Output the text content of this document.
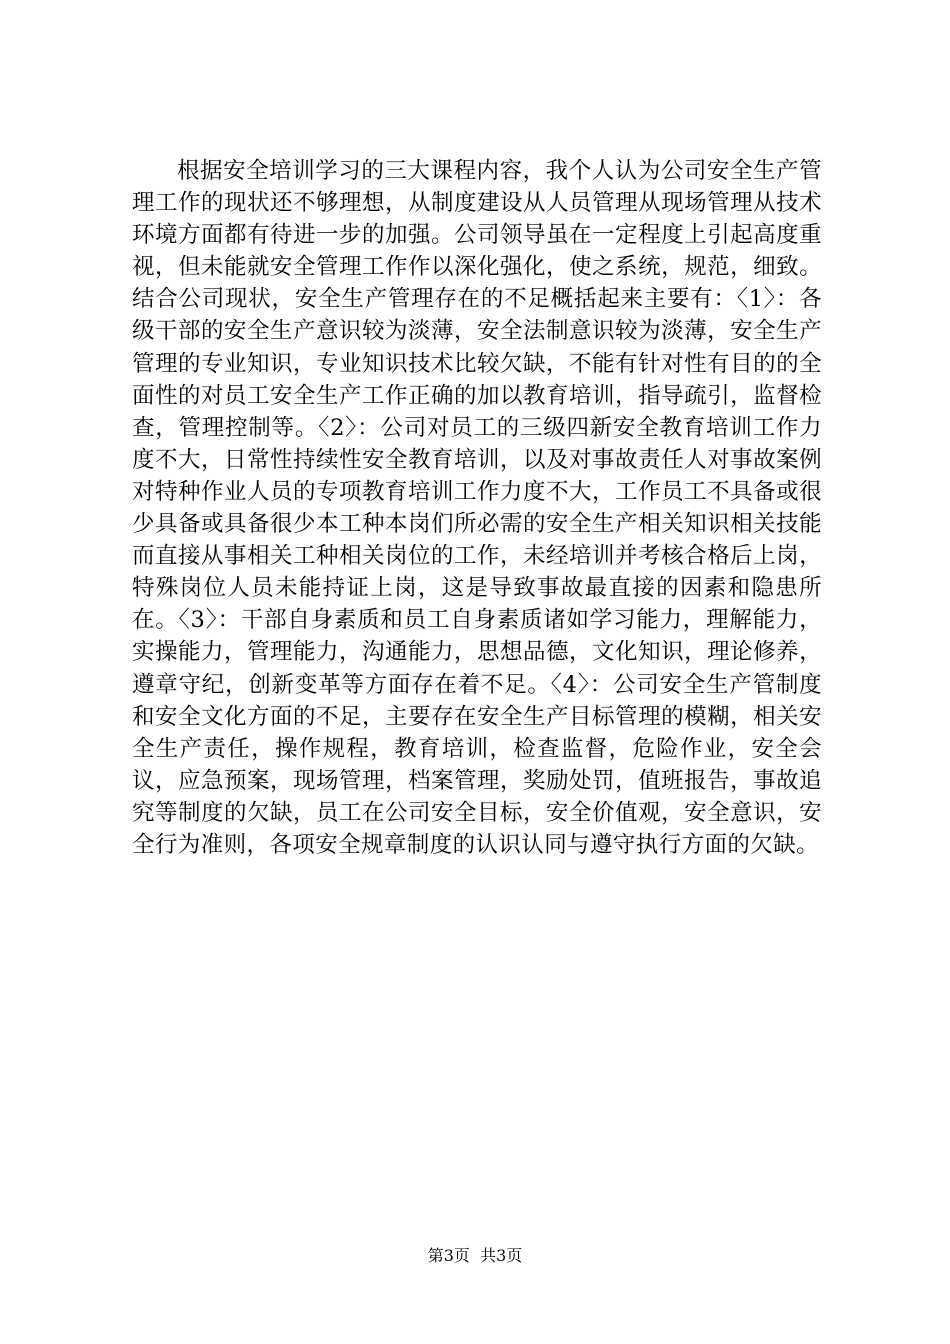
根据安全培训学习的三大课程内容，我个人认为公司安全生产管理工作的现状还不够理想，从制度建设从人员管理从现场管理从技术环境方面都有待进一步的加强。公司领导虽在一定程度上引起高度重视，但未能就安全管理工作作以深化强化，使之系统，规范，细致。结合公司现状，安全生产管理存在的不足概括起来主要有：〈1〉：各级干部的安全生产意识较为淡薄，安全法制意识较为淡薄，安全生产管理的专业知识，专业知识技术比较欠缺，不能有针对性有目的的全面性的对员工安全生产工作正确的加以教育培训，指导疏引，监督检查，管理控制等。〈2〉：公司对员工的三级四新安全教育培训工作力度不大，日常性持续性安全教育培训，以及对事故责任人对事故案例对特种作业人员的专项教育培训工作力度不大，工作员工不具备或很少具备或具备很少本工种本岗们所必需的安全生产相关知识相关技能而直接从事相关工种相关岗位的工作，未经培训并考核合格后上岗，特殊岗位人员未能持证上岗，这是导致事故最直接的因素和隐患所在。〈3〉：干部自身素质和员工自身素质诸如学习能力，理解能力，实操能力，管理能力，沟通能力，思想品德，文化知识，理论修养，遵章守纪，创新变革等方面存在着不足。〈4〉：公司安全生产管制度和安全文化方面的不足，主要存在安全生产目标管理的模糊，相关安全生产责任，操作规程，教育培训，检查监督，危险作业，安全会议，应急预案，现场管理，档案管理，奖励处罚，值班报告，事故追究等制度的欠缺，员工在公司安全目标，安全价值观，安全意识，安全行为准则，各项安全规章制度的认识认同与遵守执行方面的欠缺。

第3页  共3页
